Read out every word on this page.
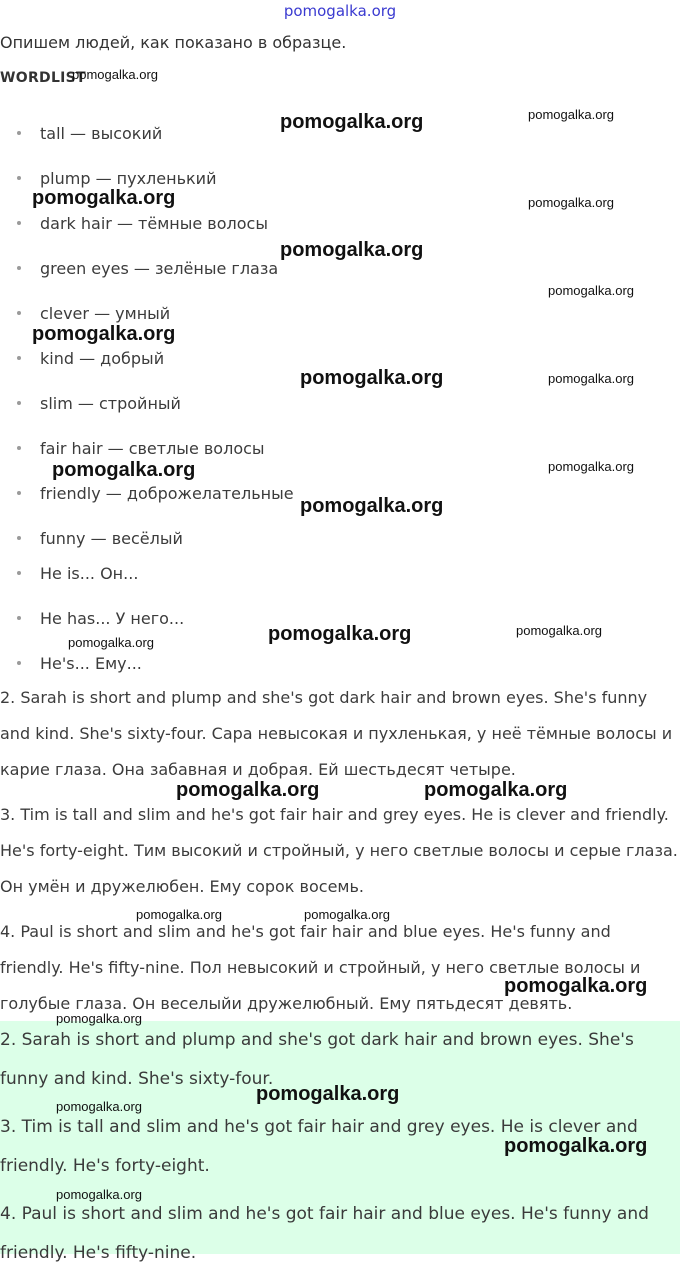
pomogalka.org
Опишем людей, как показано в образце.
WORDLIST
tall — высокий
plump — пухленький
dark hair — тёмные волосы
green eyes — зелёные глаза
clever — умный
kind — добрый
slim — стройный
fair hair — светлые волосы
friendly — доброжелательные
funny — весёлый
He is... Он...
He has... У него...
He's... Ему...
2. Sarah is short and plump and she's got dark hair and brown eyes. She's funny and kind. She's sixty-four. Сара невысокая и пухленькая, у неё тёмные волосы и карие глаза. Она забавная и добрая. Ей шестьдесят четыре.
3. Tim is tall and slim and he's got fair hair and grey eyes. He is clever and friendly. He's forty-eight. Тим высокий и стройный, у него светлые волосы и серые глаза. Он умён и дружелюбен. Ему сорок восемь.
4. Paul is short and slim and he's got fair hair and blue eyes. He's funny and friendly. He's fifty-nine. Пол невысокий и стройный, у него светлые волосы и голубые глаза. Он веселыйи дружелюбный. Ему пятьдесят девять.
2. Sarah is short and plump and she's got dark hair and brown eyes. She's funny and kind. She's sixty-four.
3. Tim is tall and slim and he's got fair hair and grey eyes. He is clever and friendly. He's forty-eight.
4. Paul is short and slim and he's got fair hair and blue eyes. He's funny and friendly. He's fifty-nine.
pomogalka.org
pomogalka.org	pomogalka.org
pomogalka.org	pomogalka.org
pomogalka.org
pomogalka.org
pomogalka.org
pomogalka.org	pomogalka.org
pomogalka.org	pomogalka.org
pomogalka.org
pomogalka.org	pomogalka.org
pomogalka.org
pomogalka.org	pomogalka.org
pomogalka.org	pomogalka.org
pomogalka.org
pomogalka.org
pomogalka.org
pomogalka.org
pomogalka.org
pomogalka.org
